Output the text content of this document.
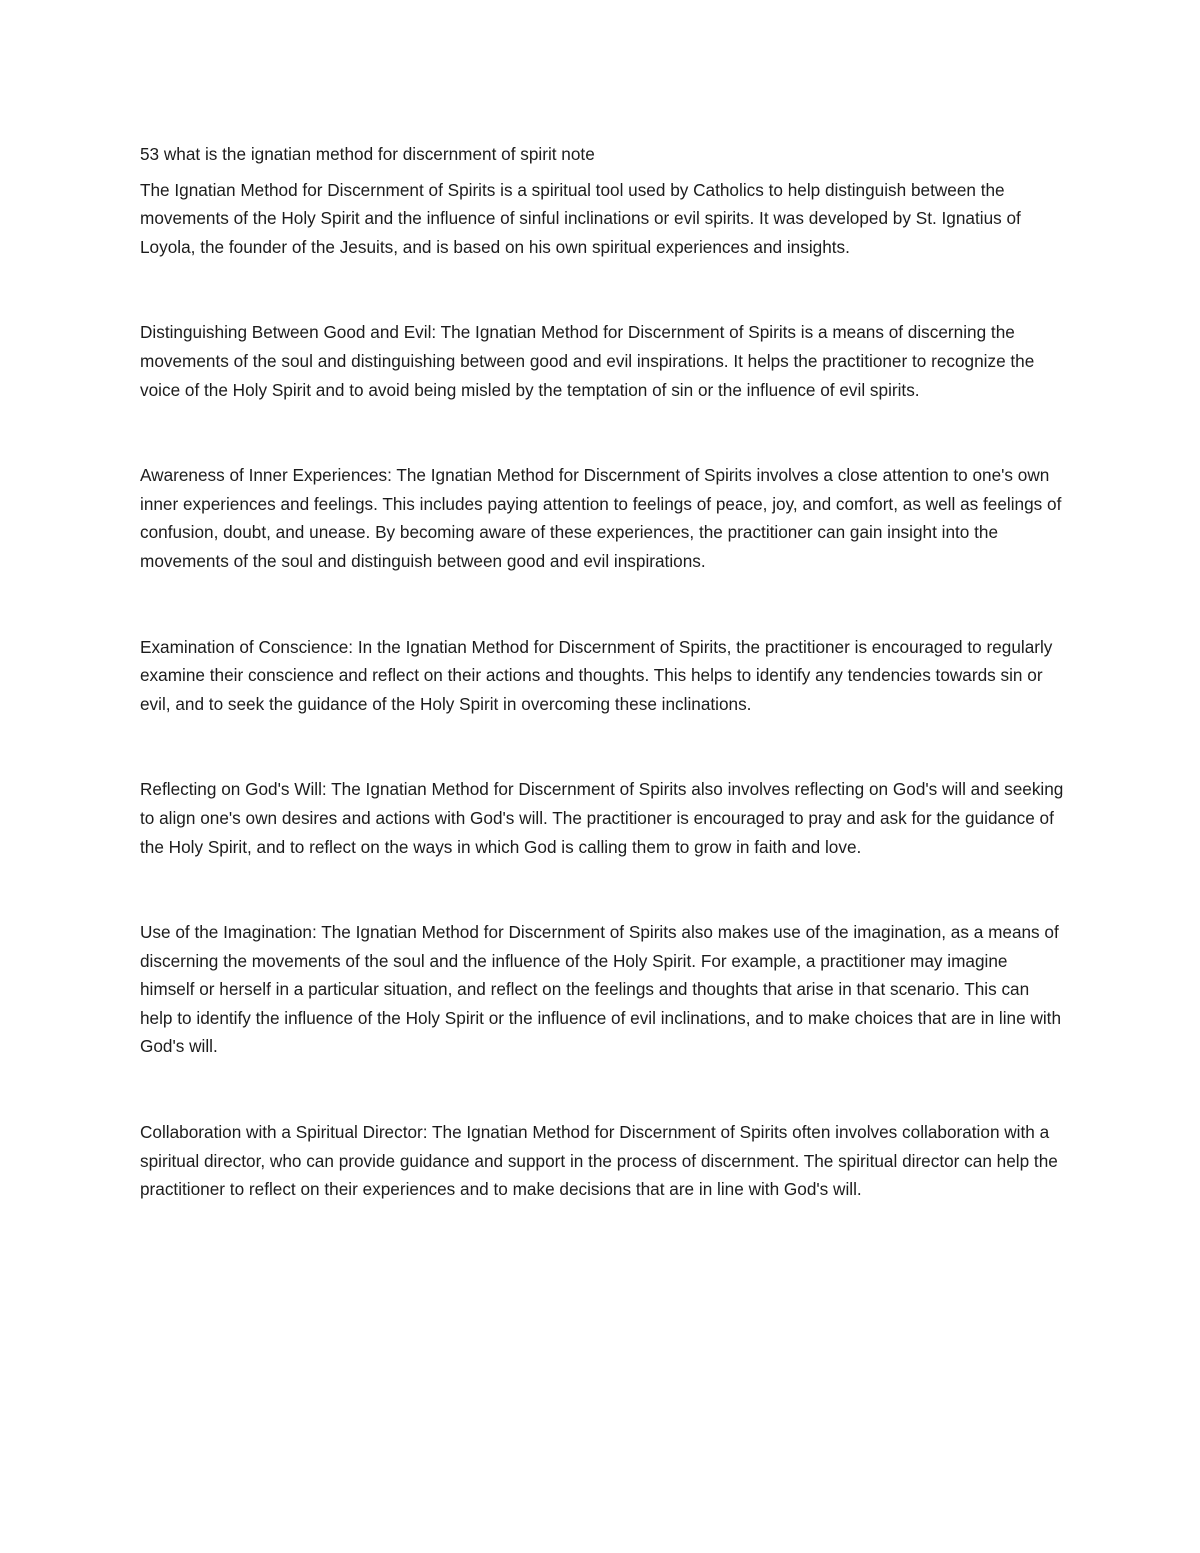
53 what is the ignatian method for discernment of spirit note

The Ignatian Method for Discernment of Spirits is a spiritual tool used by Catholics to help distinguish between the movements of the Holy Spirit and the influence of sinful inclinations or evil spirits. It was developed by St. Ignatius of Loyola, the founder of the Jesuits, and is based on his own spiritual experiences and insights.

Distinguishing Between Good and Evil: The Ignatian Method for Discernment of Spirits is a means of discerning the movements of the soul and distinguishing between good and evil inspirations. It helps the practitioner to recognize the voice of the Holy Spirit and to avoid being misled by the temptation of sin or the influence of evil spirits.

Awareness of Inner Experiences: The Ignatian Method for Discernment of Spirits involves a close attention to one's own inner experiences and feelings. This includes paying attention to feelings of peace, joy, and comfort, as well as feelings of confusion, doubt, and unease. By becoming aware of these experiences, the practitioner can gain insight into the movements of the soul and distinguish between good and evil inspirations.

Examination of Conscience: In the Ignatian Method for Discernment of Spirits, the practitioner is encouraged to regularly examine their conscience and reflect on their actions and thoughts. This helps to identify any tendencies towards sin or evil, and to seek the guidance of the Holy Spirit in overcoming these inclinations.

Reflecting on God's Will: The Ignatian Method for Discernment of Spirits also involves reflecting on God's will and seeking to align one's own desires and actions with God's will. The practitioner is encouraged to pray and ask for the guidance of the Holy Spirit, and to reflect on the ways in which God is calling them to grow in faith and love.

Use of the Imagination: The Ignatian Method for Discernment of Spirits also makes use of the imagination, as a means of discerning the movements of the soul and the influence of the Holy Spirit. For example, a practitioner may imagine himself or herself in a particular situation, and reflect on the feelings and thoughts that arise in that scenario. This can help to identify the influence of the Holy Spirit or the influence of evil inclinations, and to make choices that are in line with God's will.

Collaboration with a Spiritual Director: The Ignatian Method for Discernment of Spirits often involves collaboration with a spiritual director, who can provide guidance and support in the process of discernment. The spiritual director can help the practitioner to reflect on their experiences and to make decisions that are in line with God's will.
